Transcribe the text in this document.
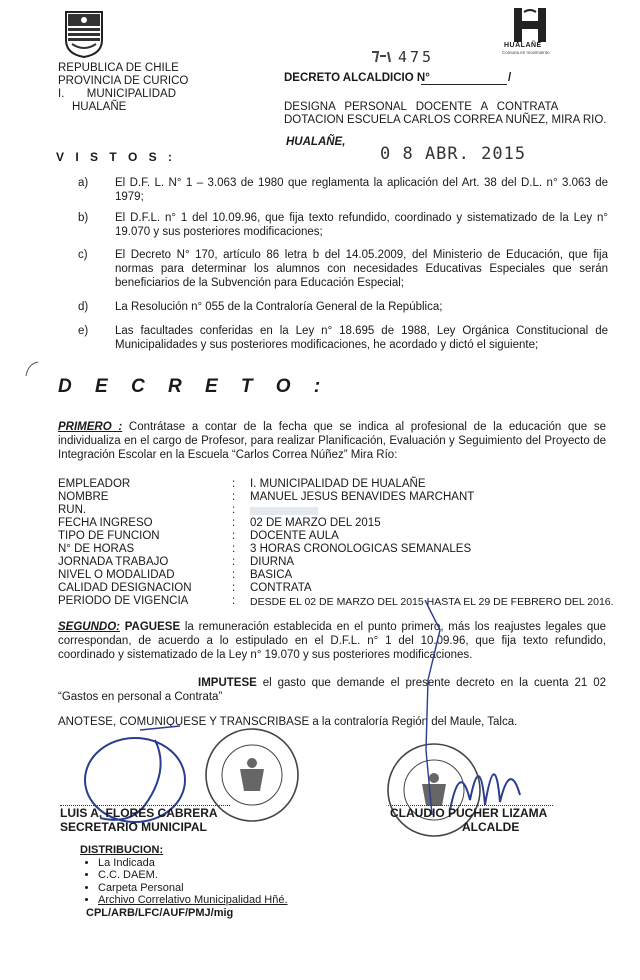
REPUBLICA DE CHILE
PROVINCIA DE CURICO
I.       MUNICIPALIDAD
HUALAÑE
HUALAÑE
Comuna en movimiento
475
DECRETO ALCALDICIO N°	/
DESIGNA PERSONAL DOCENTE A CONTRATA
DOTACION ESCUELA CARLOS CORREA NUÑEZ, MIRA RIO.
HUALAÑE,
0 8 ABR. 2015
V I S T O S :
a) El D.F. L. N° 1 – 3.063 de 1980 que reglamenta la aplicación del Art. 38 del D.L. n° 3.063 de 1979;
b) El D.F.L. n° 1 del 10.09.96, que fija texto refundido, coordinado y sistematizado de la Ley n° 19.070 y sus posteriores modificaciones;
c) El Decreto N° 170, artículo 86 letra b del 14.05.2009, del Ministerio de Educación, que fija normas para determinar los alumnos con necesidades Educativas Especiales que serán beneficiarios de la Subvención para Educación Especial;
d) La Resolución n° 055 de la Contraloría General de la República;
e) Las facultades conferidas en la Ley n° 18.695 de 1988, Ley Orgánica Constitucional de Municipalidades y sus posteriores modificaciones, he acordado y dictó el siguiente;
D E C R E T O :
PRIMERO : Contrátase a contar de la fecha que se indica al profesional de la educación que se individualiza en el cargo de Profesor, para realizar Planificación, Evaluación y Seguimiento del Proyecto de Integración Escolar en la Escuela “Carlos Correa Núñez” Mira Río:
EMPLEADOR	: I. MUNICIPALIDAD DE HUALAÑE
NOMBRE	: MANUEL JESUS BENAVIDES MARCHANT
RUN.	:
FECHA INGRESO	: 02 DE MARZO DEL 2015
TIPO DE FUNCION	: DOCENTE AULA
N° DE HORAS	: 3 HORAS CRONOLOGICAS SEMANALES
JORNADA TRABAJO	: DIURNA
NIVEL O MODALIDAD	: BASICA
CALIDAD DESIGNACION	: CONTRATA
PERIODO DE VIGENCIA	: DESDE EL 02 DE MARZO DEL 2015 HASTA EL 29 DE FEBRERO DEL 2016.
SEGUNDO: PAGUESE la remuneración establecida en el punto primero, más los reajustes legales que correspondan, de acuerdo a lo estipulado en el D.F.L. n° 1 del 10.09.96, que fija texto refundido, coordinado y sistematizado de la Ley n° 19.070 y sus posteriores modificaciones.
IMPUTESE el gasto que demande el presente decreto en la cuenta 21 02 “Gastos en personal a Contrata”
ANOTESE, COMUNIQUESE Y TRANSCRIBASE a la contraloría Región del Maule, Talca.
LUIS A. FLORES CABRERA
SECRETARIO MUNICIPAL
CLAUDIO PUCHER LIZAMA
ALCALDE
DISTRIBUCION:
• La Indicada
• C.C. DAEM.
• Carpeta Personal
• Archivo Correlativo Municipalidad Hñé.
CPL/ARB/LFC/AUF/PMJ/mig
